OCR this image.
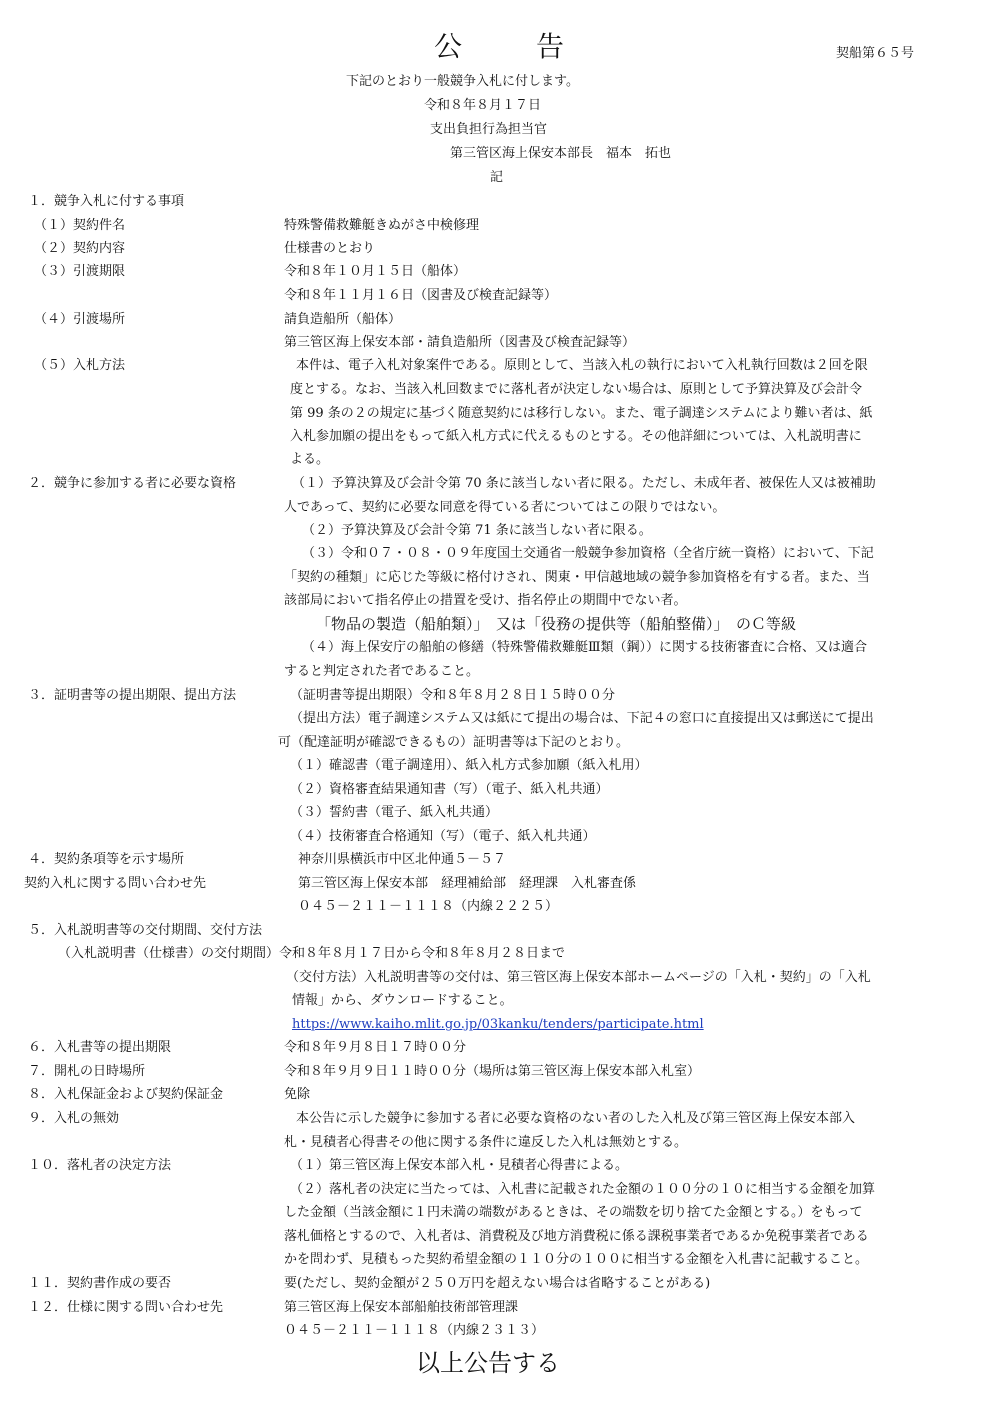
公	告	契船第６５号
下記のとおり一般競争入札に付します。
令和８年８月１７日
支出負担行為担当官
第三管区海上保安本部長　福本　拓也
記
１．競争入札に付する事項
（１）契約件名	特殊警備救難艇きぬがさ中検修理
（２）契約内容	仕様書のとおり
（３）引渡期限	令和８年１０月１５日（船体）
令和８年１１月１６日（図書及び検査記録等）
（４）引渡場所	請負造船所（船体）
第三管区海上保安本部・請負造船所（図書及び検査記録等）
（５）入札方法	本件は、電子入札対象案件である。原則として、当該入札の執行において入札執行回数は２回を限
度とする。なお、当該入札回数までに落札者が決定しない場合は、原則として予算決算及び会計令
第 99 条の２の規定に基づく随意契約には移行しない。また、電子調達システムにより難い者は、紙
入札参加願の提出をもって紙入札方式に代えるものとする。その他詳細については、入札説明書に
よる。
２．競争に参加する者に必要な資格	（１）予算決算及び会計令第 70 条に該当しない者に限る。ただし、未成年者、被保佐人又は被補助
人であって、契約に必要な同意を得ている者についてはこの限りではない。
（２）予算決算及び会計令第 71 条に該当しない者に限る。
（３）令和０７・０８・０９年度国土交通省一般競争参加資格（全省庁統一資格）において、下記
「契約の種類」に応じた等級に格付けされ、関東・甲信越地域の競争参加資格を有する者。また、当
該部局において指名停止の措置を受け、指名停止の期間中でない者。
「物品の製造（船舶類）」　又は「役務の提供等（船舶整備）」　のＣ等級
（４）海上保安庁の船舶の修繕（特殊警備救難艇Ⅲ類（鋼））に関する技術審査に合格、又は適合
すると判定された者であること。
３．証明書等の提出期限、提出方法	（証明書等提出期限）令和８年８月２８日１５時００分
（提出方法）電子調達システム又は紙にて提出の場合は、下記４の窓口に直接提出又は郵送にて提出
可（配達証明が確認できるもの）証明書等は下記のとおり。
（１）確認書（電子調達用）、紙入札方式参加願（紙入札用）
（２）資格審査結果通知書（写）（電子、紙入札共通）
（３）誓約書（電子、紙入札共通）
（４）技術審査合格通知（写）（電子、紙入札共通）
４．契約条項等を示す場所	神奈川県横浜市中区北仲通５－５７
契約入札に関する問い合わせ先	第三管区海上保安本部　経理補給部　経理課　入札審査係
０４５－２１１－１１１８（内線２２２５）
５．入札説明書等の交付期間、交付方法
（入札説明書（仕様書）の交付期間）令和８年８月１７日から令和８年８月２８日まで
（交付方法）入札説明書等の交付は、第三管区海上保安本部ホームページの「入札・契約」の「入札
情報」から、ダウンロードすること。
https://www.kaiho.mlit.go.jp/03kanku/tenders/participate.html
６．入札書等の提出期限	令和８年９月８日１７時００分
７．開札の日時場所	令和８年９月９日１１時００分（場所は第三管区海上保安本部入札室）
８．入札保証金および契約保証金	免除
９．入札の無効	本公告に示した競争に参加する者に必要な資格のない者のした入札及び第三管区海上保安本部入
札・見積者心得書その他に関する条件に違反した入札は無効とする。
１０．落札者の決定方法	（１）第三管区海上保安本部入札・見積者心得書による。
（２）落札者の決定に当たっては、入札書に記載された金額の１００分の１０に相当する金額を加算
した金額（当該金額に１円未満の端数があるときは、その端数を切り捨てた金額とする。）をもって
落札価格とするので、入札者は、消費税及び地方消費税に係る課税事業者であるか免税事業者である
かを問わず、見積もった契約希望金額の１１０分の１００に相当する金額を入札書に記載すること。
１１．契約書作成の要否	要(ただし、契約金額が２５０万円を超えない場合は省略することがある)
１２．仕様に関する問い合わせ先	第三管区海上保安本部船舶技術部管理課
０４５－２１１－１１１８（内線２３１３）
以上公告する
